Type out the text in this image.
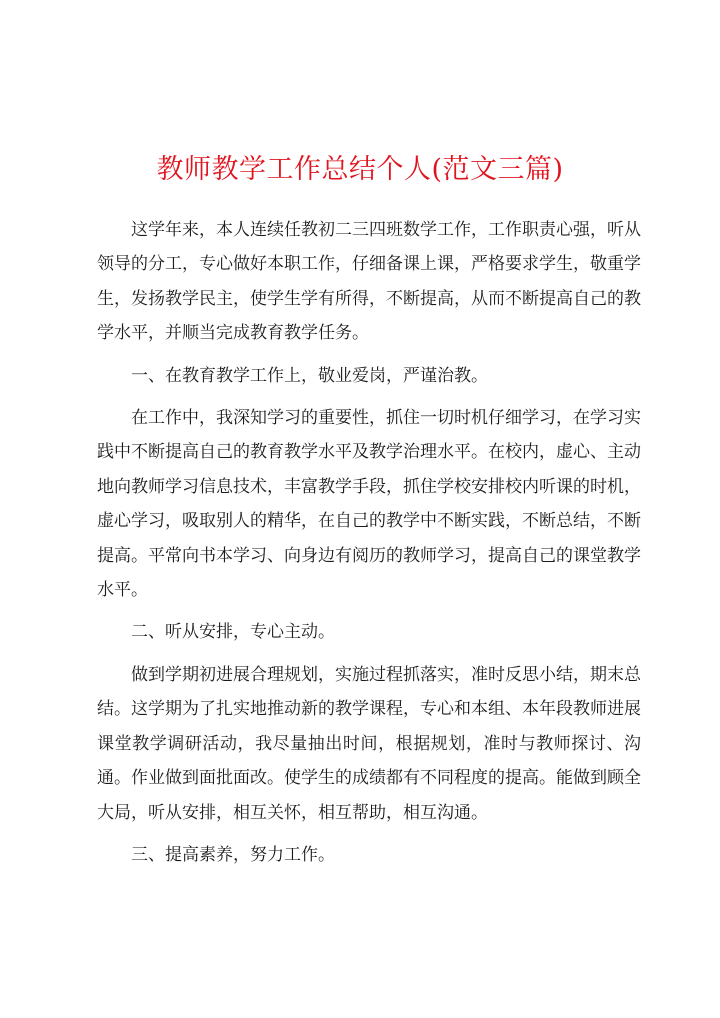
教师教学工作总结个人(范文三篇)

这学年来，本人连续任教初二三四班数学工作，工作职责心强，听从领导的分工，专心做好本职工作，仔细备课上课，严格要求学生，敬重学生，发扬教学民主，使学生学有所得，不断提高，从而不断提高自己的教学水平，并顺当完成教育教学任务。

一、在教育教学工作上，敬业爱岗，严谨治教。

在工作中，我深知学习的重要性，抓住一切时机仔细学习，在学习实践中不断提高自己的教育教学水平及教学治理水平。在校内，虚心、主动地向教师学习信息技术，丰富教学手段，抓住学校安排校内听课的时机，虚心学习，吸取别人的精华，在自己的教学中不断实践，不断总结，不断提高。平常向书本学习、向身边有阅历的教师学习，提高自己的课堂教学水平。

二、听从安排，专心主动。

做到学期初进展合理规划，实施过程抓落实，准时反思小结，期末总结。这学期为了扎实地推动新的教学课程，专心和本组、本年段教师进展课堂教学调研活动，我尽量抽出时间，根据规划，准时与教师探讨、沟通。作业做到面批面改。使学生的成绩都有不同程度的提高。能做到顾全大局，听从安排，相互关怀，相互帮助，相互沟通。

三、提高素养，努力工作。
